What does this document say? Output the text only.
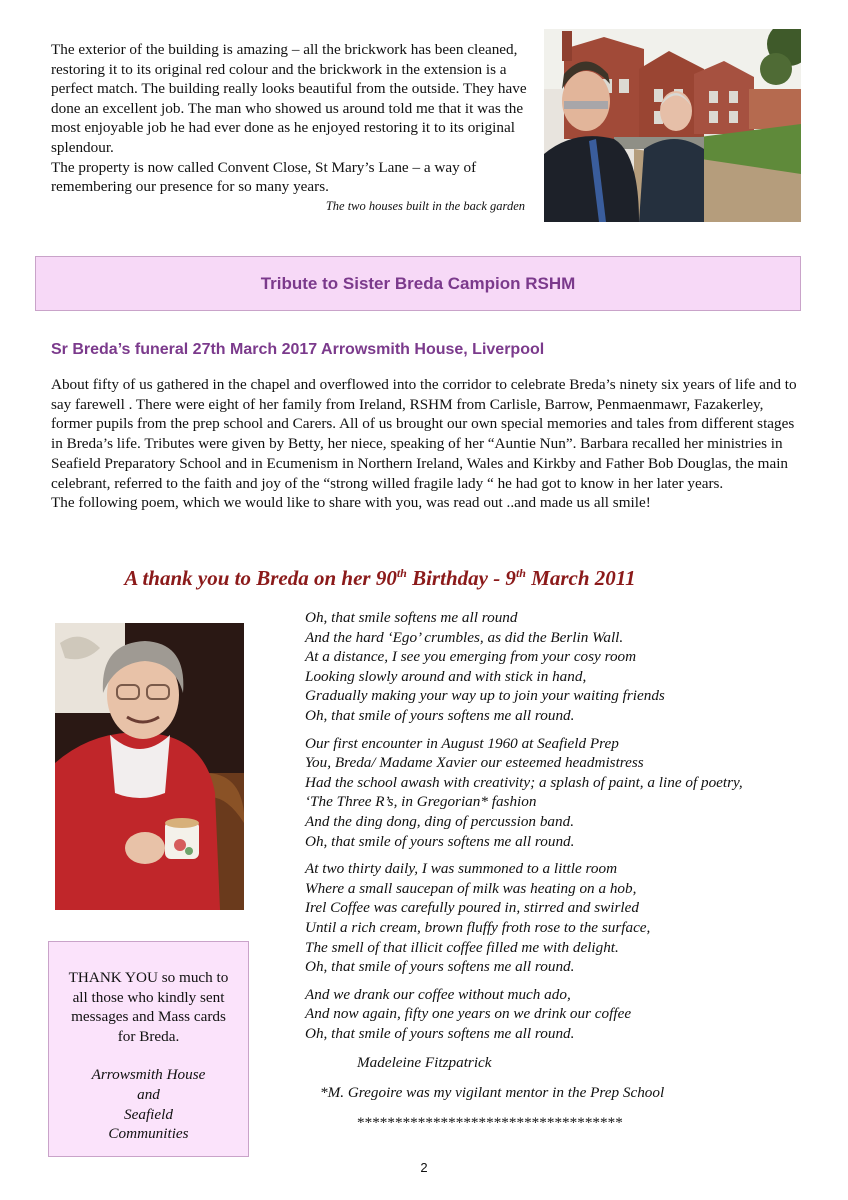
The exterior of the building is amazing – all the brickwork has been cleaned, restoring it to its original red colour and the brickwork in the extension is a perfect match. The building really looks beautiful from the outside. They have done an excellent job. The man who showed us around told me that it was the most enjoyable job he had ever done as he enjoyed restoring it to its original splendour.

The property is now called Convent Close, St Mary’s Lane – a way of remembering our presence for so many years.

The two houses built in the back garden
Tribute to Sister Breda Campion RSHM
Sr Breda’s funeral 27th March 2017 Arrowsmith House, Liverpool

About fifty of us gathered in the chapel and overflowed into the corridor to celebrate Breda’s ninety six years of life and to say farewell . There were eight of her family from Ireland, RSHM from Carlisle, Barrow, Penmaenmawr, Fazakerley, former pupils from the prep school and Carers. All of us brought our own special memories and tales from different stages in Breda’s life. Tributes were given by Betty, her niece, speaking of her “Auntie Nun”. Barbara recalled her ministries in Seafield Preparatory School and in Ecumenism in Northern Ireland, Wales and Kirkby and Father Bob Douglas, the main celebrant, referred to the faith and joy of the “strong willed fragile lady “ he had got to know in her later years.

The following poem, which we would like to share with you, was read out ..and made us all smile!

A thank you to Breda on her 90th Birthday - 9th March 2011
Oh, that smile softens me all round
And the hard ‘Ego’ crumbles, as did the Berlin Wall.
At a distance, I see you emerging from your cosy room
Looking slowly around and with stick in hand,
Gradually making your way up to join your waiting friends
Oh, that smile of yours softens me all round.
Our first encounter in August 1960 at Seafield Prep
You, Breda/ Madame Xavier our esteemed headmistress
Had the school awash with creativity; a splash of paint, a line of poetry,
‘The Three R’s, in Gregorian* fashion
And the ding dong, ding of percussion band.
Oh, that smile of yours softens me all round.
At two thirty daily, I was summoned to a little room
Where a small saucepan of milk was heating on a hob,
Irel Coffee was carefully poured in, stirred and swirled
Until a rich cream, brown fluffy froth rose to the surface,
The smell of that illicit coffee filled me with delight.
Oh, that smile of yours softens me all round.
And we drank our coffee without much ado,
And now again, fifty one years on we drink our coffee
Oh, that smile of yours softens me all round.
Madeleine Fitzpatrick
*M. Gregoire was my vigilant mentor in the Prep School
***********************************
THANK YOU so much to all those who kindly sent messages and Mass cards for Breda.
Arrowsmith House
and
Seafield
Communities
2
